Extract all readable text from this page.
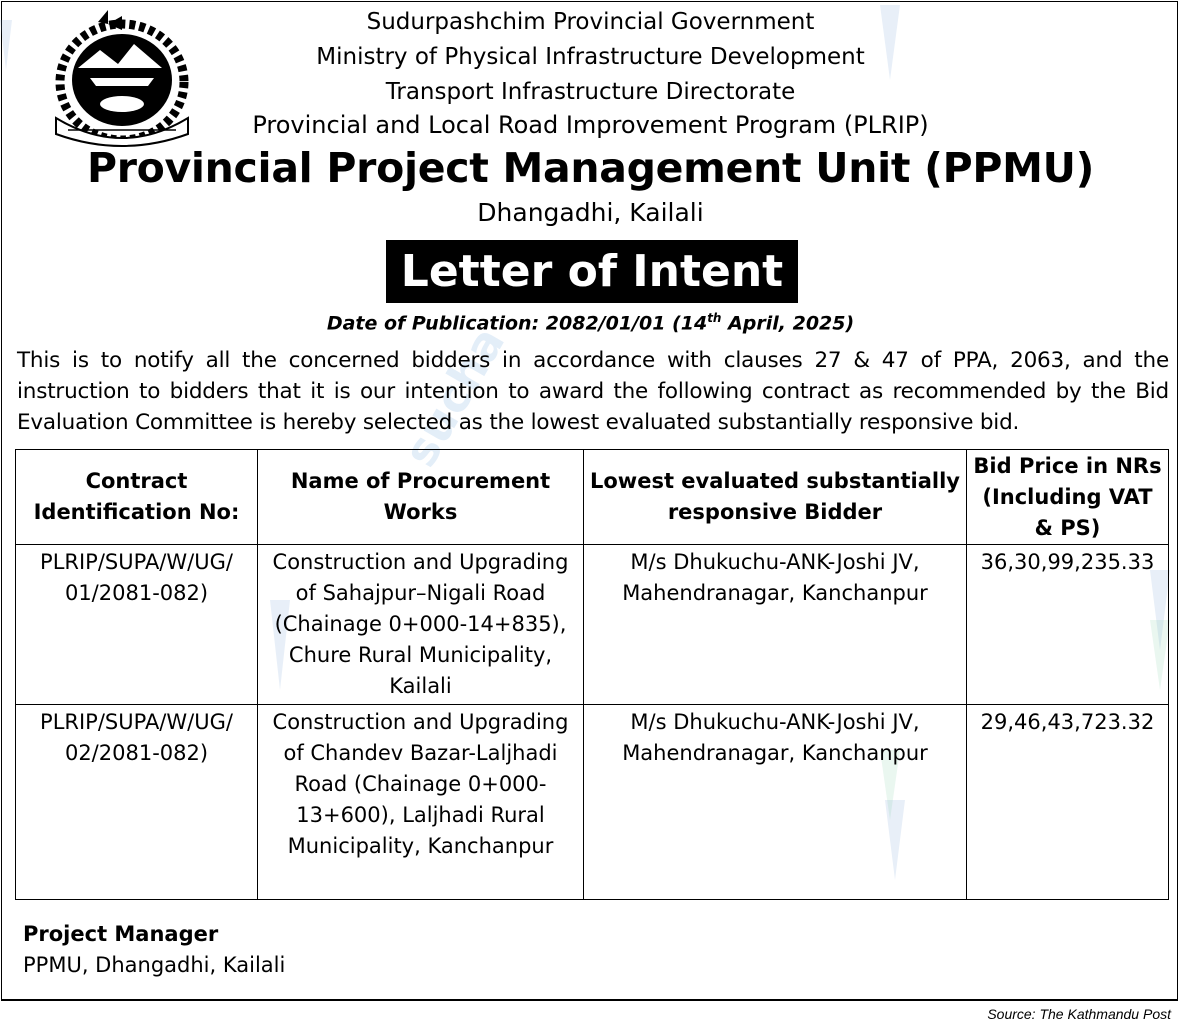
sucha
Sudurpashchim Provincial Government
Ministry of Physical Infrastructure Development
Transport Infrastructure Directorate
Provincial and Local Road Improvement Program (PLRIP)
Provincial Project Management Unit (PPMU)
Dhangadhi, Kailali
Letter of Intent
Date of Publication: 2082/01/01 (14th April, 2025)
This is to notify all the concerned bidders in accordance with clauses 27 & 47 of PPA, 2063, and the instruction to bidders that it is our intention to award the following contract as recommended by the Bid Evaluation Committee is hereby selected as the lowest evaluated substantially responsive bid.
Contract Identification No:	Name of Procurement Works	Lowest evaluated substantially responsive Bidder	Bid Price in NRs (Including VAT & PS)
PLRIP/SUPA/W/UG/ 01/2081-082)	Construction and Upgrading of Sahajpur–Nigali Road (Chainage 0+000-14+835), Chure Rural Municipality, Kailali	M/s Dhukuchu-ANK-Joshi JV, Mahendranagar, Kanchanpur	36,30,99,235.33
PLRIP/SUPA/W/UG/ 02/2081-082)	Construction and Upgrading of Chandev Bazar-Laljhadi Road (Chainage 0+000-13+600), Laljhadi Rural Municipality, Kanchanpur	M/s Dhukuchu-ANK-Joshi JV, Mahendranagar, Kanchanpur	29,46,43,723.32
Project Manager
PPMU, Dhangadhi, Kailali
Source: The Kathmandu Post
